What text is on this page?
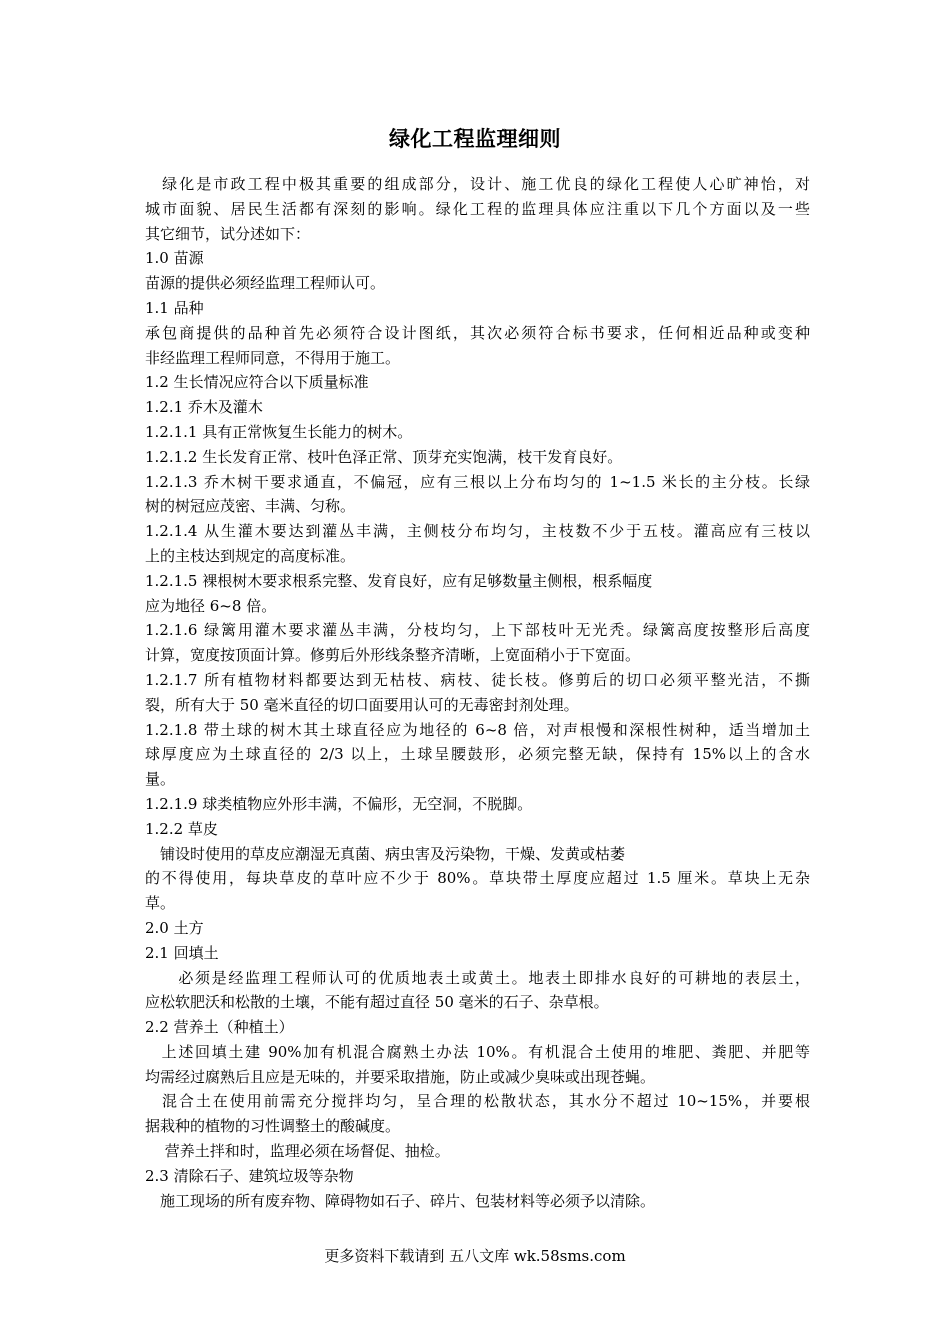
绿化工程监理细则
　绿化是市政工程中极其重要的组成部分，设计、施工优良的绿化工程使人心旷神怡，对
城市面貌、居民生活都有深刻的影响。绿化工程的监理具体应注重以下几个方面以及一些
其它细节，试分述如下：
1.0 苗源
苗源的提供必须经监理工程师认可。
1.1 品种
承包商提供的品种首先必须符合设计图纸，其次必须符合标书要求，任何相近品种或变种
非经监理工程师同意，不得用于施工。
1.2 生长情况应符合以下质量标准
1.2.1 乔木及灌木
1.2.1.1 具有正常恢复生长能力的树木。
1.2.1.2 生长发育正常、枝叶色泽正常、顶芽充实饱满，枝干发育良好。
1.2.1.3 乔木树干要求通直，不偏冠，应有三根以上分布均匀的 1~1.5 米长的主分枝。长绿
树的树冠应茂密、丰满、匀称。
1.2.1.4 从生灌木要达到灌丛丰满，主侧枝分布均匀，主枝数不少于五枝。灌高应有三枝以
上的主枝达到规定的高度标准。
1.2.1.5 裸根树木要求根系完整、发育良好，应有足够数量主侧根，根系幅度
应为地径 6~8 倍。
1.2.1.6 绿篱用灌木要求灌丛丰满，分枝均匀，上下部枝叶无光秃。绿篱高度按整形后高度
计算，宽度按顶面计算。修剪后外形线条整齐清晰，上宽面稍小于下宽面。
1.2.1.7 所有植物材料都要达到无枯枝、病枝、徒长枝。修剪后的切口必须平整光洁，不撕
裂，所有大于 50 毫米直径的切口面要用认可的无毒密封剂处理。
1.2.1.8 带土球的树木其土球直径应为地径的 6~8 倍，对声根慢和深根性树种，适当增加土
球厚度应为土球直径的 2/3 以上，土球呈腰鼓形，必须完整无缺，保持有 15%以上的含水
量。
1.2.1.9 球类植物应外形丰满，不偏形，无空洞，不脱脚。
1.2.2 草皮
　铺设时使用的草皮应潮湿无真菌、病虫害及污染物，干燥、发黄或枯萎
的不得使用，每块草皮的草叶应不少于 80%。草块带土厚度应超过 1.5 厘米。草块上无杂
草。
2.0 土方
2.1 回填土
　　必须是经监理工程师认可的优质地表土或黄土。地表土即排水良好的可耕地的表层土，
应松软肥沃和松散的土壤，不能有超过直径 50 毫米的石子、杂草根。
2.2 营养土（种植土）
　上述回填土建 90%加有机混合腐熟土办法 10%。有机混合土使用的堆肥、粪肥、并肥等
均需经过腐熟后且应是无味的，并要采取措施，防止或减少臭味或出现苍蝇。
　混合土在使用前需充分搅拌均匀，呈合理的松散状态，其水分不超过 10~15%，并要根
据栽种的植物的习性调整土的酸碱度。
　 营养土拌和时，监理必须在场督促、抽检。
2.3 清除石子、建筑垃圾等杂物
　施工现场的所有废弃物、障碍物如石子、碎片、包装材料等必须予以清除。
更多资料下载请到 五八文库 wk.58sms.com
